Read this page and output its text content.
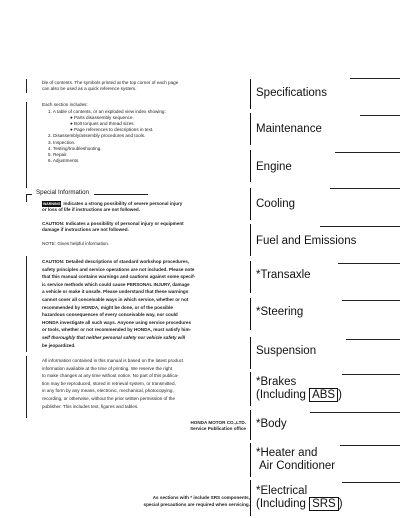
ble of contents. The symbols printed at the top corner of each page
can also be used as a quick reference system.
Each section includes:
1. A table of contents, or an exploded view index showing:
● Parts disassembly sequence.
● Bolt torques and thread sizes.
● Page references to descriptions in text.
2. Disassembly/assembly procedures and tools.
3. Inspection.
4. Testing/troubleshooting.
5. Repair.
6. Adjustments.
Special Information
WARNING Indicates a strong possibility of severe personal injury
or loss of life if instructions are not followed.
CAUTION: Indicates a possibility of personal injury or equipment
damage if instructions are not followed.
NOTE: Gives helpful information.
CAUTION: Detailed descriptions of standard workshop procedures,
safety principles and service operations are not included. Please note
that this manual contains warnings and cautions against some specif-
ic service methods which could cause PERSONAL INJURY, damage
a vehicle or make it unsafe. Please understand that these warnings
cannot cover all conceivable ways in which service, whether or not
recommended by HONDA, might be done, or of the possible
hazardous consequences of every conceivable way, nor could
HONDA investigate all such ways. Anyone using service procedures
or tools, whether or not recommended by HONDA, must satisfy him-
self thoroughly that neither personal safety nor vehicle safety will
be jeopardized.
All information contained in this manual is based on the latest product
information available at the time of printing. We reserve the right
to make changes at any time without notice. No part of this publica-
tion may be reproduced, stored in retrieval system, or transmitted,
in any form by any means, electronic, mechanical, photocopying,
recording, or otherwise, without the prior written permission of the
publisher. This includes text, figures and tables.
HONDA MOTOR CO.,LTD.
Service Publication office
As sections with * include SRS components,
special precautions are required when servicing.
Specifications
Maintenance
Engine
Cooling
Fuel and Emissions
*Transaxle
*Steering
Suspension
*Brakes
(Including ABS )
*Body
*Heater and
Air Conditioner
*Electrical
(Including SRS )
